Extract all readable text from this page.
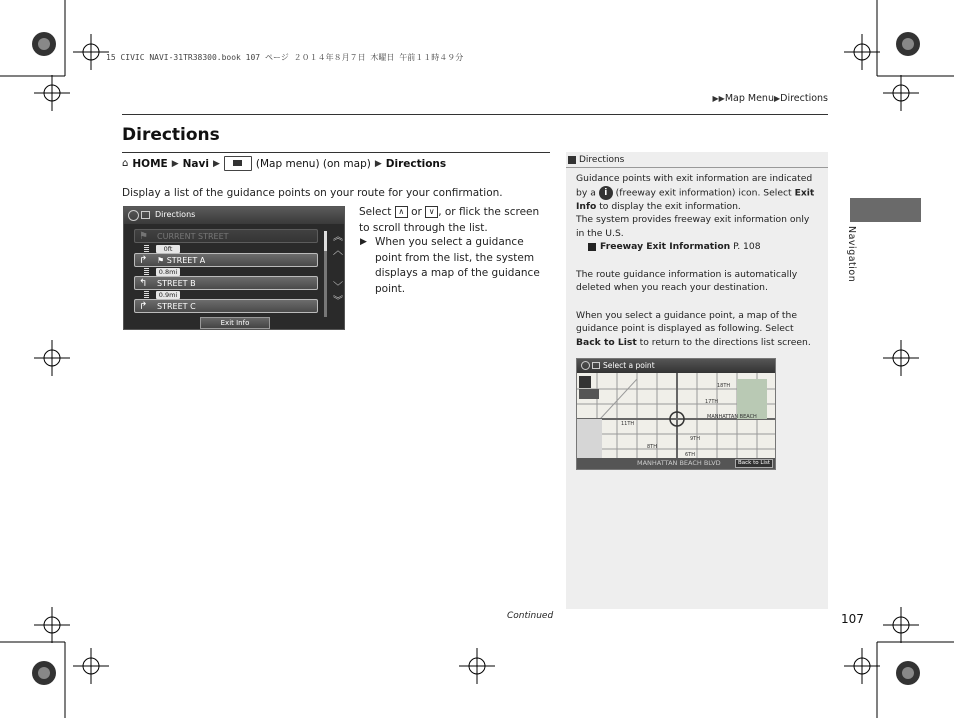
15 CIVIC NAVI-31TR38300.book 107 ページ ２０１４年８月７日 木曜日 午前１１時４９分
▶▶Map Menu▶Directions
Directions
⌂ HOME ▶ Navi ▶	(Map menu) (on map) ▶ Directions
Display a list of the guidance points on your route for your confirmation.
Directions
⚑ CURRENT STREET
0ft
↱ ⚑ STREET A
0.8mi
↰ STREET B
0.9mi
↱ STREET C
︽
︿
﹀
︾
Exit Info
Select ∧ or ∨ , or flick the screen to scroll through the list.
▶ When you select a guidance point from the list, the system displays a map of the guidance point.
Directions

Guidance points with exit information are indicated by a i (freeway exit information) icon. Select Exit Info to display the exit information.

The system provides freeway exit information only in the U.S.

Freeway Exit Information P. 108

The route guidance information is automatically deleted when you reach your destination.

When you select a guidance point, a map of the guidance point is displayed as following. Select Back to List to return to the directions list screen.

18TH
MANHATTAN BEACH
9TH
8TH
6TH
11TH
17TH
Select a point
MANHATTAN BEACH BLVD	Back to List
Navigation
Continued	107
